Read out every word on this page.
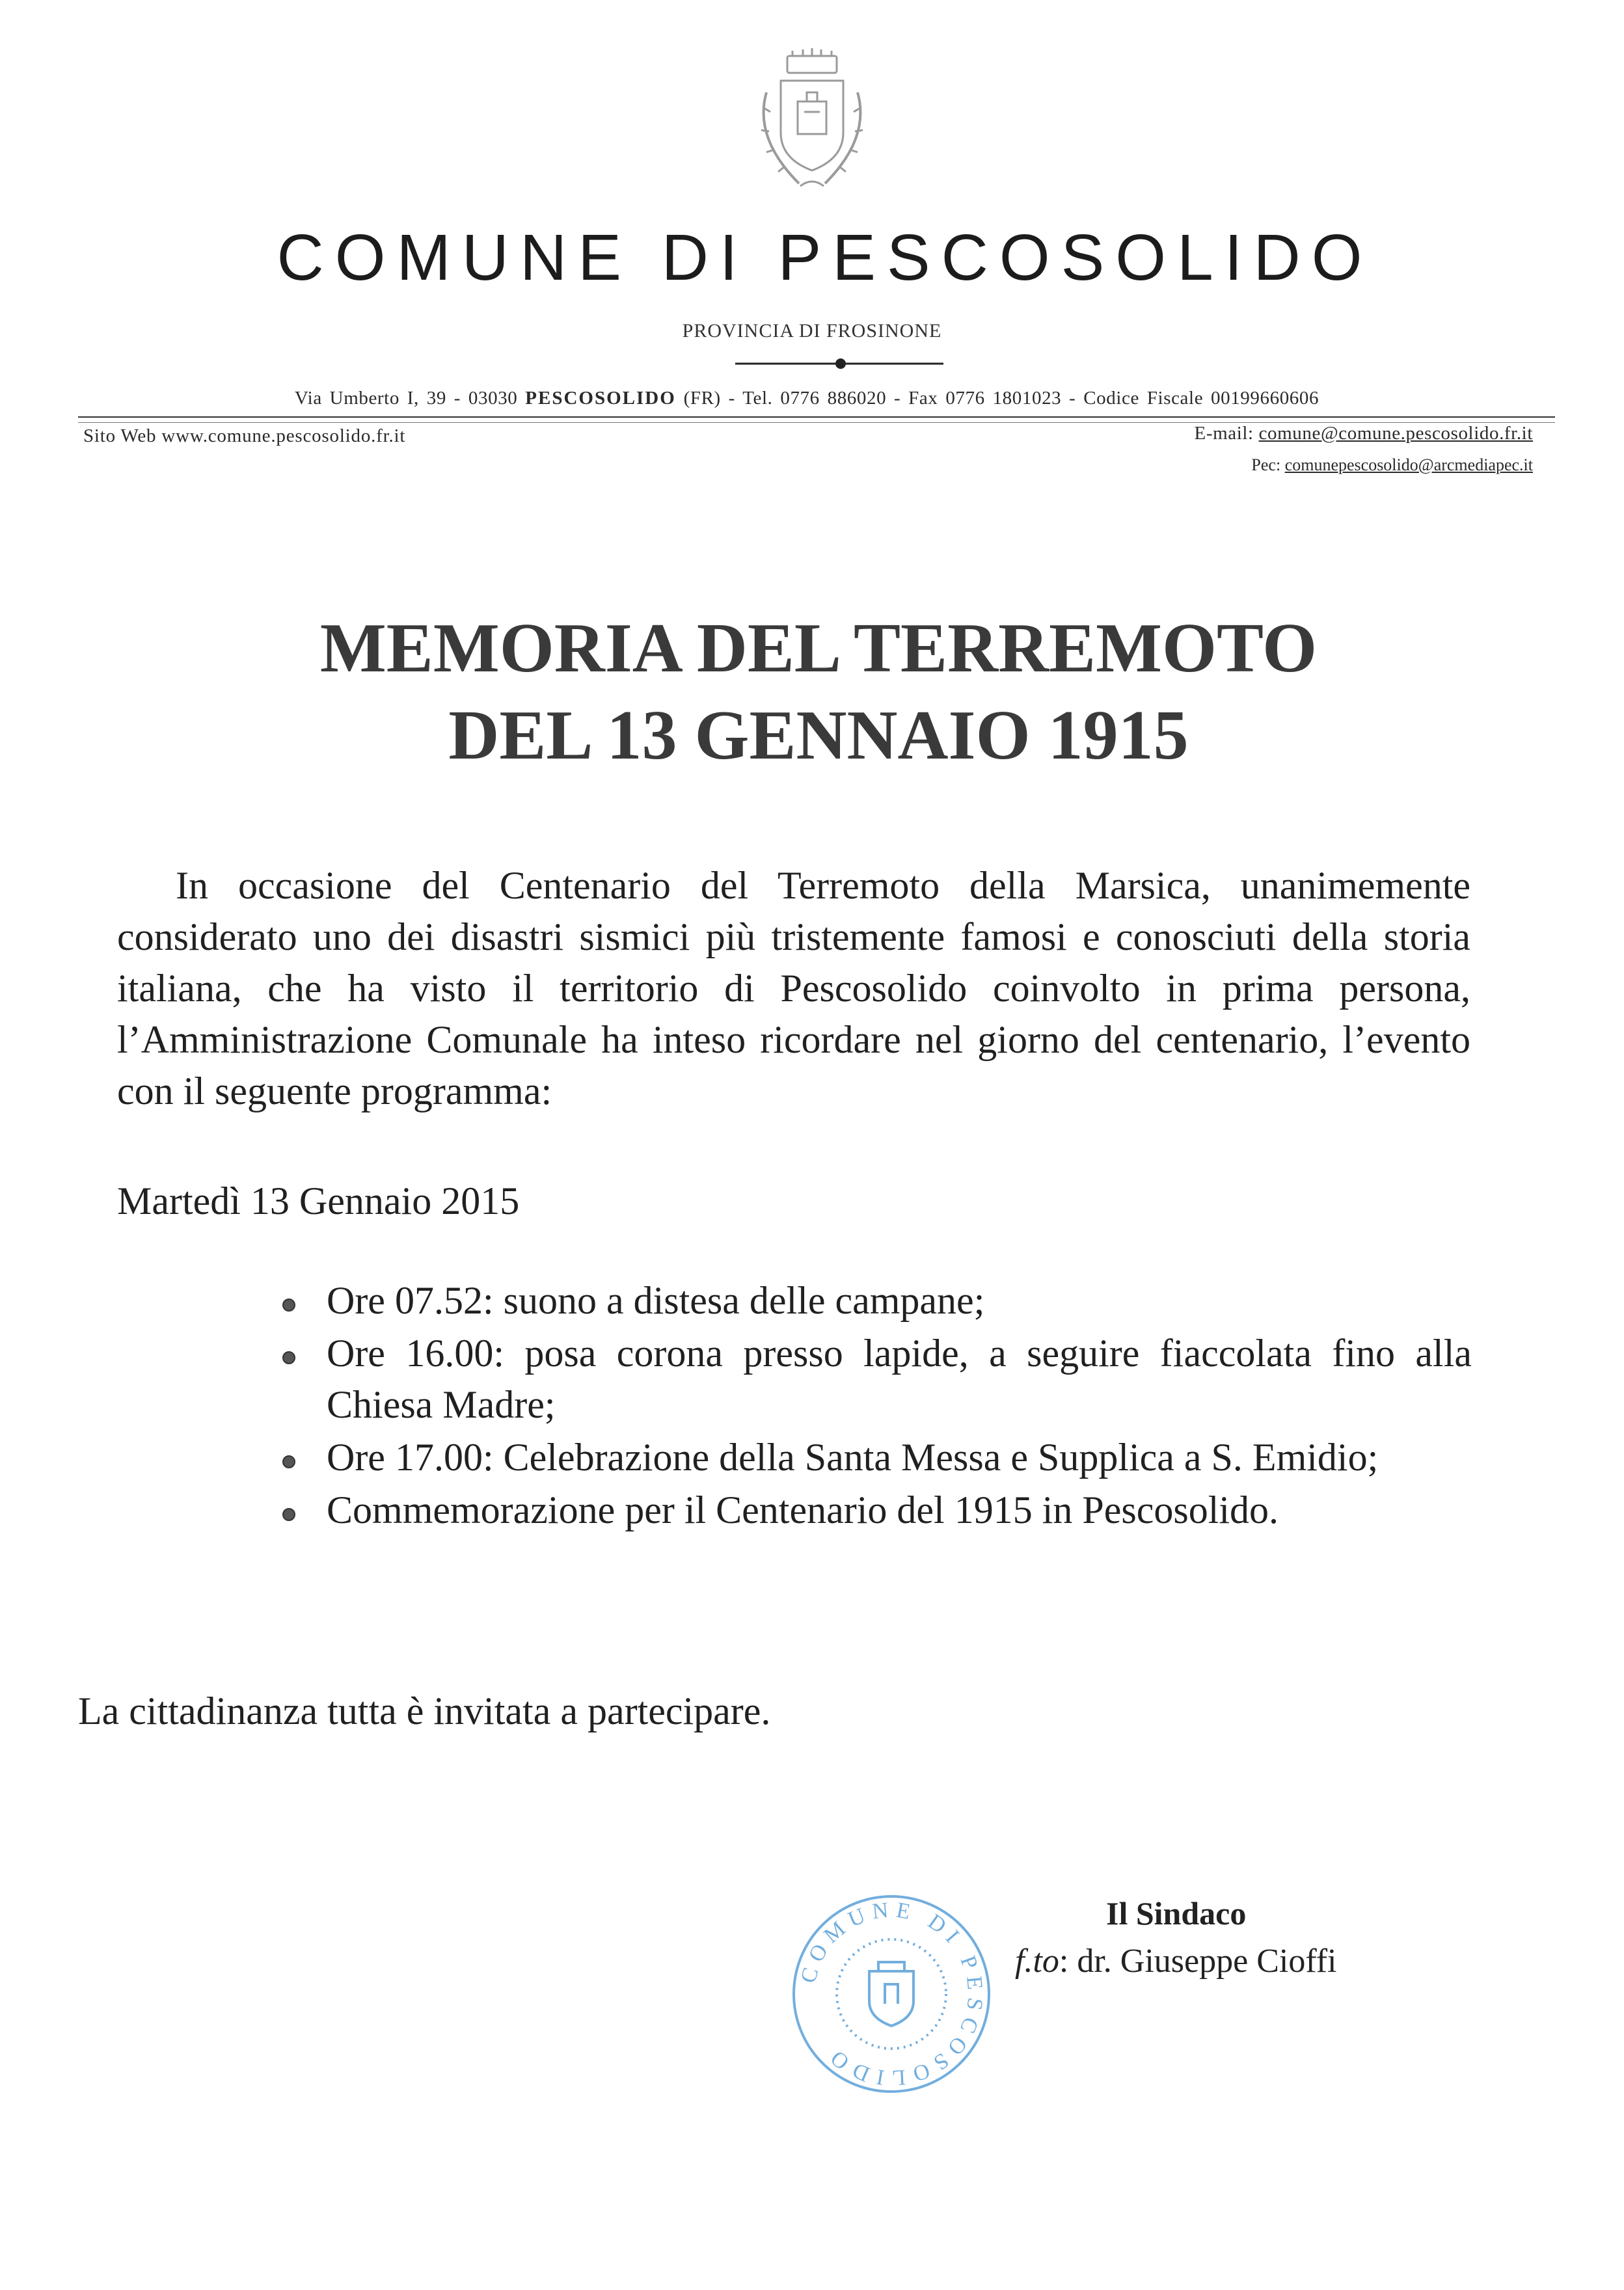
COMUNE DI PESCOSOLIDO
PROVINCIA DI FROSINONE
Via Umberto I, 39 - 03030 PESCOSOLIDO (FR) - Tel. 0776 886020 - Fax 0776 1801023 - Codice Fiscale 00199660606
Sito Web www.comune.pescosolido.fr.it	E-mail: comune@comune.pescosolido.fr.it
Pec: comunepescosolido@arcmediapec.it
MEMORIA DEL TERREMOTO
DEL 13 GENNAIO 1915
In occasione del Centenario del Terremoto della Marsica, unanimemente considerato uno dei disastri sismici più tristemente famosi e conosciuti della storia italiana, che ha visto il territorio di Pescosolido coinvolto in prima persona, l’Amministrazione Comunale ha inteso ricordare nel giorno del centenario, l’evento con il seguente programma:
Martedì 13 Gennaio 2015
Ore 07.52: suono a distesa delle campane;
Ore 16.00: posa corona presso lapide, a seguire fiaccolata fino alla Chiesa Madre;
Ore 17.00: Celebrazione della Santa Messa e Supplica a S. Emidio;
Commemorazione per il Centenario del 1915 in Pescosolido.
La cittadinanza tutta è invitata a partecipare.
COMUNE DI PESCOSOLIDO
Il Sindaco
f.to: dr. Giuseppe Cioffi
